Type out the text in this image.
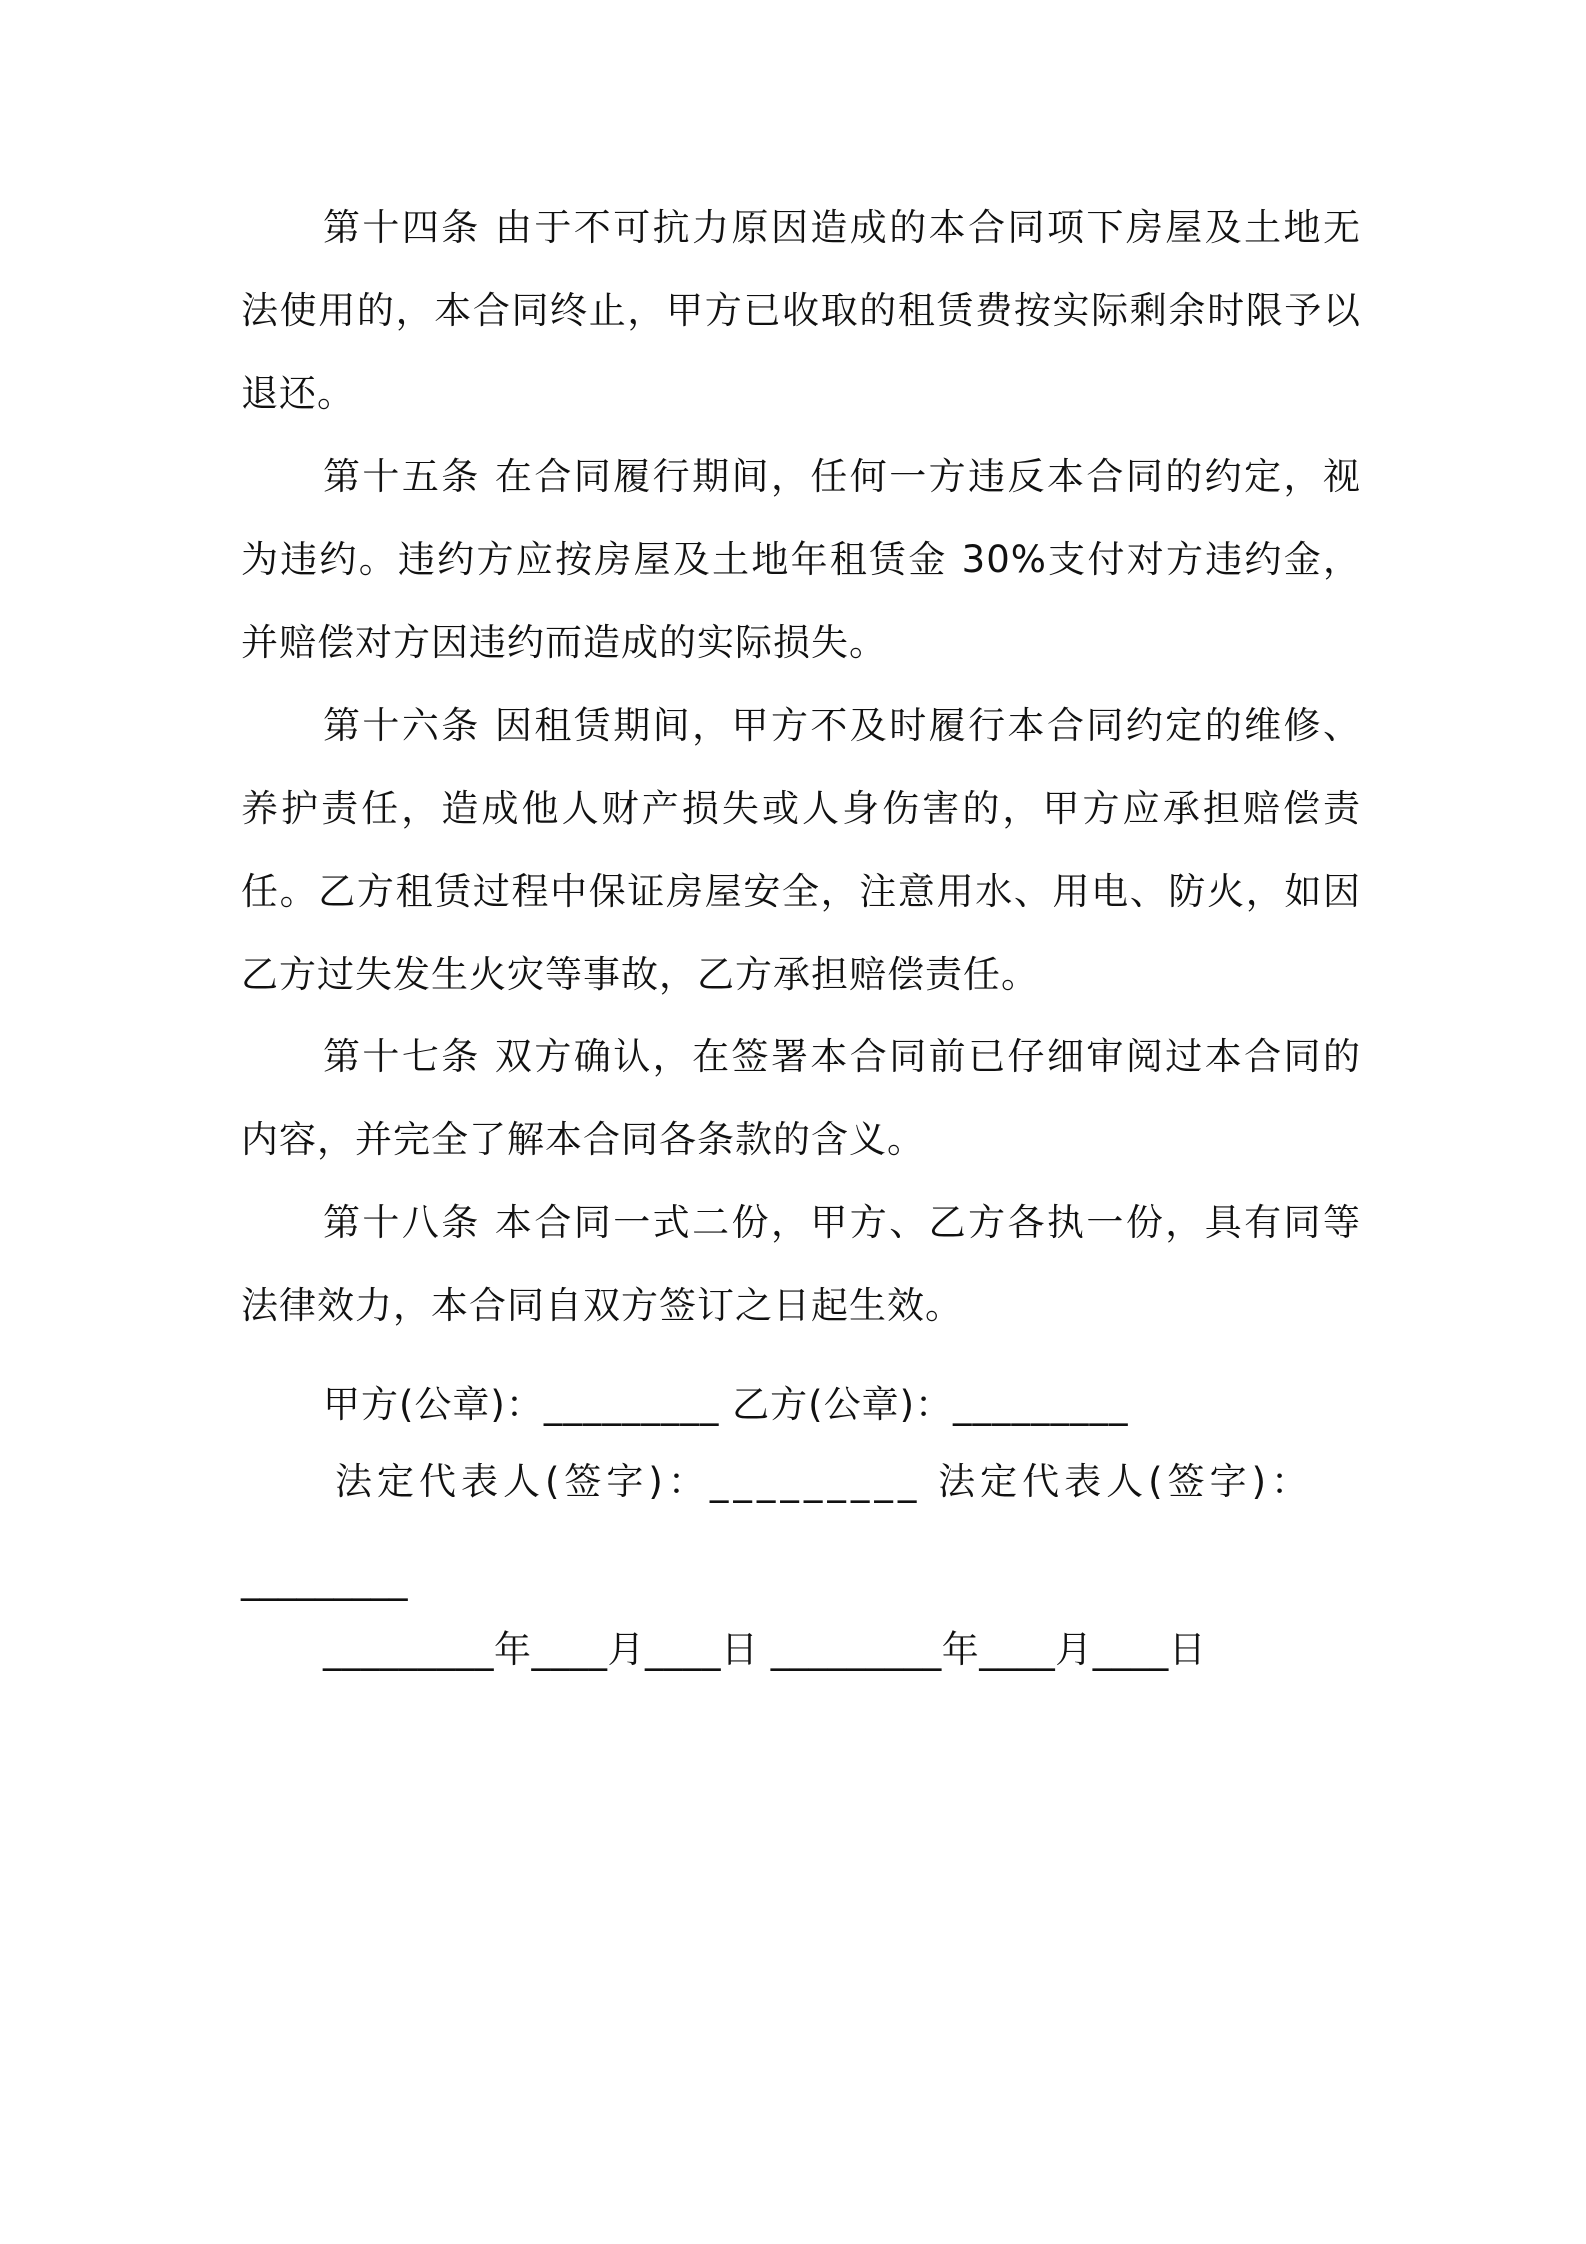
第十四条 由于不可抗力原因造成的本合同项下房屋及土地无法使用的，本合同终止，甲方已收取的租赁费按实际剩余时限予以退还。

第十五条 在合同履行期间，任何一方违反本合同的约定，视为违约。违约方应按房屋及土地年租赁金 30%支付对方违约金，并赔偿对方因违约而造成的实际损失。

第十六条 因租赁期间，甲方不及时履行本合同约定的维修、养护责任，造成他人财产损失或人身伤害的，甲方应承担赔偿责任。乙方租赁过程中保证房屋安全，注意用水、用电、防火，如因乙方过失发生火灾等事故，乙方承担赔偿责任。

第十七条 双方确认，在签署本合同前已仔细审阅过本合同的内容，并完全了解本合同各条款的含义。

第十八条 本合同一式二份，甲方、乙方各执一份，具有同等法律效力，本合同自双方签订之日起生效。

甲方(公章)：_________ 乙方(公章)：_________
法定代表人(签字)：_________ 法定代表人(签字)：
_________
_________年____月____日 _________年____月____日
